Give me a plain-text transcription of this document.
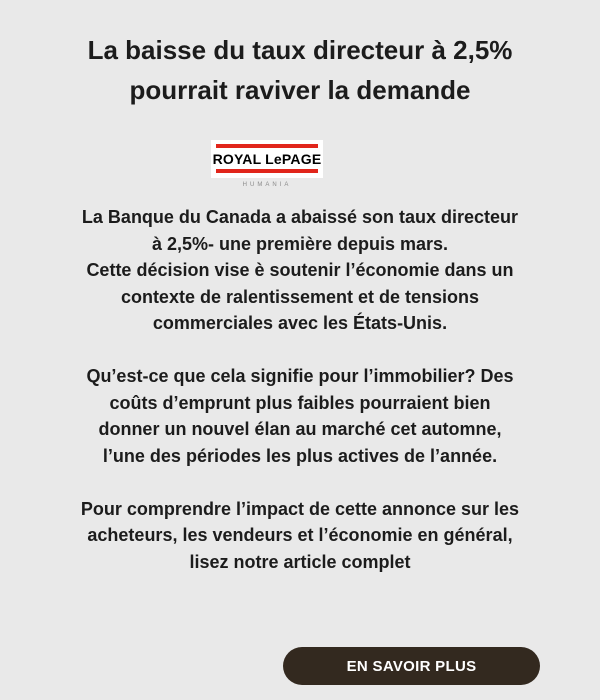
La baisse du taux directeur à 2,5%
pourrait raviver la demande
ROYAL LePAGE
HUMANIA

La Banque du Canada a abaissé son taux directeur
à 2,5%- une première depuis mars.
Cette décision vise è soutenir l’économie dans un
contexte de ralentissement et de tensions
commerciales avec les États-Unis.

Qu’est-ce que cela signifie pour l’immobilier? Des
coûts d’emprunt plus faibles pourraient bien
donner un nouvel élan au marché cet automne,
l’une des périodes les plus actives de l’année.

Pour comprendre l’impact de cette annonce sur les
acheteurs, les vendeurs et l’économie en général,
lisez notre article complet

EN SAVOIR PLUS
